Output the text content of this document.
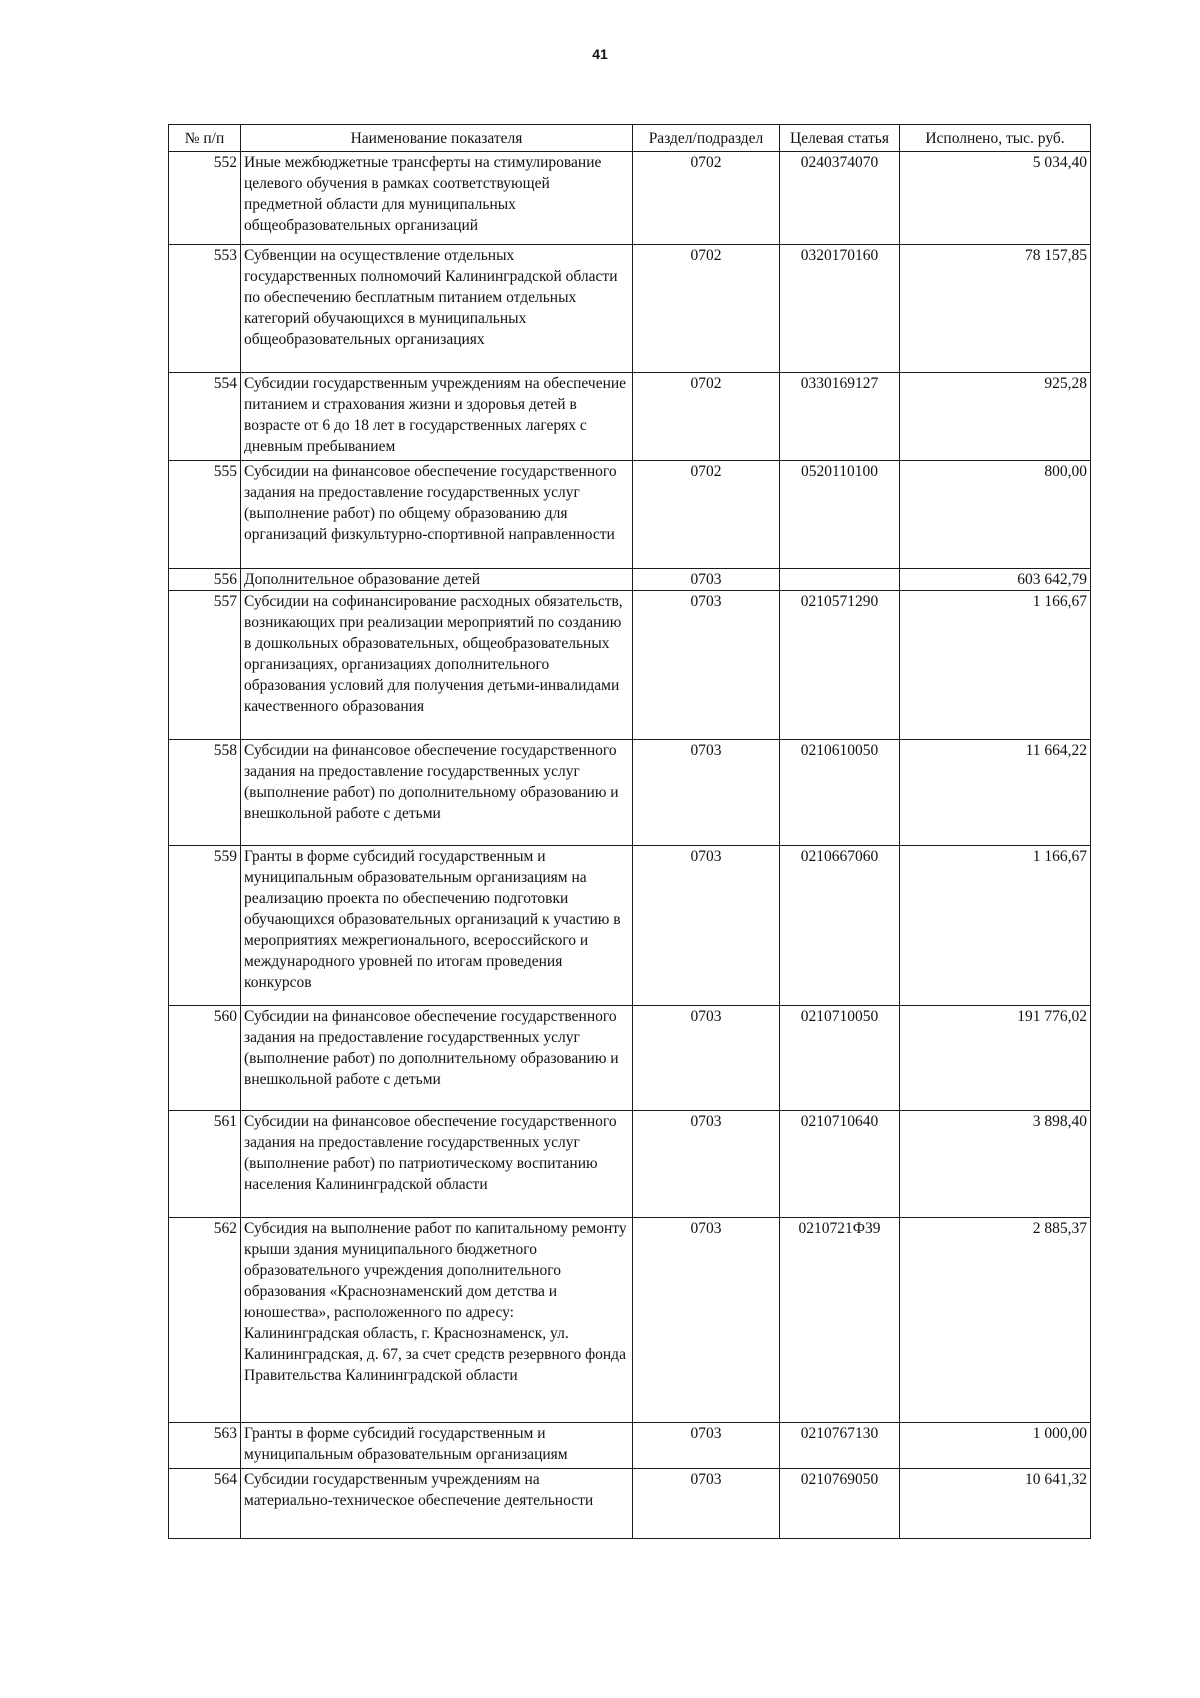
41
№ п/п	Наименование показателя	Раздел/подраздел	Целевая статья	Исполнено, тыс. руб.
552	Иные межбюджетные трансферты на стимулирование целевого обучения в рамках соответствующей предметной области для муниципальных общеобразовательных организаций	0702	0240374070	5 034,40
553	Субвенции на осуществление отдельных государственных полномочий Калининградской области по обеспечению бесплатным питанием отдельных категорий обучающихся в муниципальных общеобразовательных организациях	0702	0320170160	78 157,85
554	Субсидии государственным учреждениям на обеспечение питанием и страхования жизни и здоровья детей в возрасте от 6 до 18 лет в государственных лагерях с дневным пребыванием	0702	0330169127	925,28
555	Субсидии на финансовое обеспечение государственного задания на предоставление государственных услуг (выполнение работ) по общему образованию для организаций физкультурно-спортивной направленности	0702	0520110100	800,00
556	Дополнительное образование детей	0703		603 642,79
557	Субсидии на софинансирование расходных обязательств, возникающих при реализации мероприятий по созданию в дошкольных образовательных, общеобразовательных организациях, организациях дополнительного образования условий для получения детьми-инвалидами качественного образования	0703	0210571290	1 166,67
558	Субсидии на финансовое обеспечение государственного задания на предоставление государственных услуг (выполнение работ) по дополнительному образованию и внешкольной работе с детьми	0703	0210610050	11 664,22
559	Гранты в форме субсидий государственным и муниципальным образовательным организациям на реализацию проекта по обеспечению подготовки обучающихся образовательных организаций к участию в мероприятиях межрегионального, всероссийского и международного уровней по итогам проведения конкурсов	0703	0210667060	1 166,67
560	Субсидии на финансовое обеспечение государственного задания на предоставление государственных услуг (выполнение работ) по дополнительному образованию и внешкольной работе с детьми	0703	0210710050	191 776,02
561	Субсидии на финансовое обеспечение государственного задания на предоставление государственных услуг (выполнение работ) по патриотическому воспитанию населения Калининградской области	0703	0210710640	3 898,40
562	Субсидия на выполнение работ по капитальному ремонту крыши здания муниципального бюджетного образовательного учреждения дополнительного образования «Краснознаменский дом детства и юношества», расположенного по адресу: Калининградская область, г. Краснознаменск, ул. Калининградская, д. 67, за счет средств резервного фонда Правительства Калининградской области	0703	0210721Ф39	2 885,37
563	Гранты в форме субсидий государственным и муниципальным образовательным организациям	0703	0210767130	1 000,00
564	Субсидии государственным учреждениям на материально-техническое обеспечение деятельности	0703	0210769050	10 641,32
